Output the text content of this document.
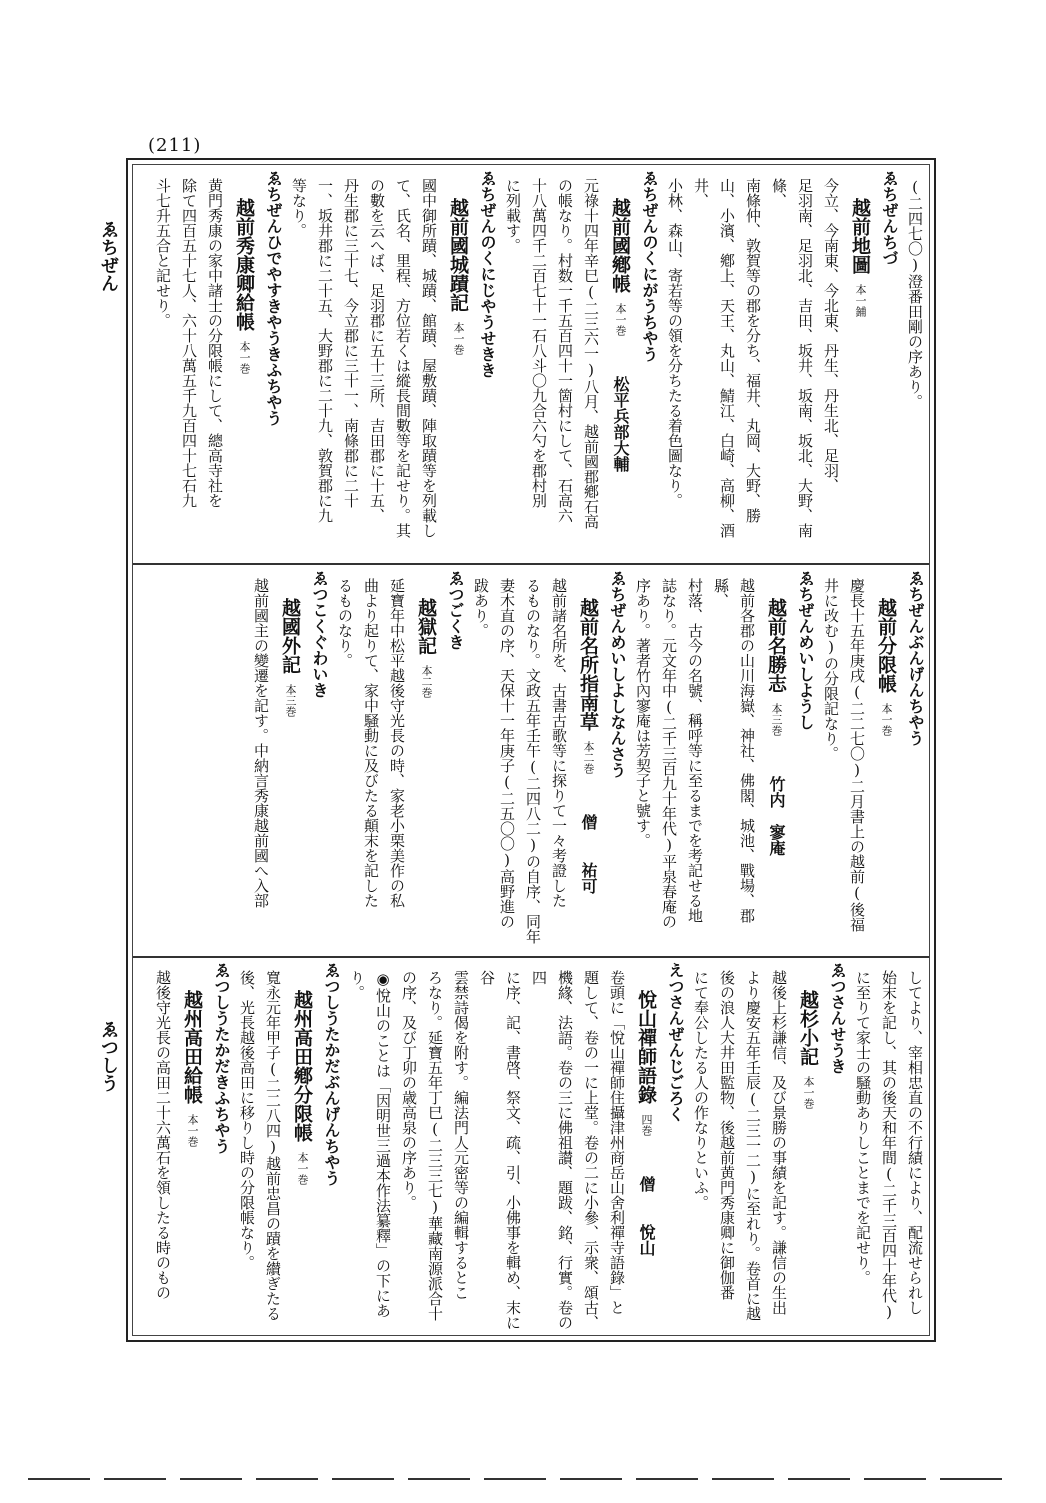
(211)
ゑちぜん
ゑつしう
(二四七〇)澄番田剛の序あり。
ゑちぜんちづ
越前地圖本一鋪
今立、今南東、今北東、丹生、丹生北、足羽、
足羽南、足羽北、吉田、坂井、坂南、坂北、大野、南條、
南條仲、敦賀等の郡を分ち、福井、丸岡、大野、勝
山、小濱、鄕上、天王、丸山、鯖江、白崎、高柳、酒井、
小林、森山、寄若等の領を分ちたる着色圖なり。
ゑちぜんのくにがうちやう
越前國鄕帳本一巻松平兵部大輔
元祿十四年辛巳(二三六一)八月、越前國郡鄕石高
の帳なり。村数一千五百四十一箇村にして、石高六
十八萬四千二百七十一石八斗〇九合六勺を郡村別
に列載す。
ゑちぜんのくにじやうせきき
越前國城蹟記本一巻
國中御所蹟、城蹟、館蹟、屋敷蹟、陣取蹟等を列載し
て、氏名、里程、方位若くは縱長間數等を記せり。其
の數を云へば、足羽郡に五十三所、吉田郡に十五、
丹生郡に三十七、今立郡に三十一、南條郡に二十
一、坂井郡に二十五、大野郡に二十九、敦賀郡に九
等なり。
ゑちぜんひでやすきやうきふちやう
越前秀康卿給帳本一巻
黄門秀康の家中諸士の分限帳にして、總高寺社を
除て四百五十七人、六十八萬五千九百四十七石九
斗七升五合と記せり。
ゑちぜんぶんげんちやう
越前分限帳本一巻
慶長十五年庚戌(二二七〇)二月書上の越前(後福
井に改む)の分限記なり。
ゑちぜんめいしようし
越前名勝志本三巻竹内　寥庵
越前各郡の山川海嶽、神社、佛閣、城池、戰場、郡縣、
村落、古今の名號、稱呼等に至るまでを考記せる地
誌なり。元文年中(二千三百九十年代)平泉春庵の
序あり。著者竹內寥庵は芳契子と號す。
ゑちぜんめいしよしなんさう
越前名所指南草本二巻僧　　祐可
越前諸名所を、古書古歌等に探りて一々考證した
るものなり。文政五年壬午(二四八二)の自序、同年
妻木直の序、天保十一年庚子(二五〇〇)高野進の
跋あり。
ゑつごくき
越獄記本二巻
延寶年中松平越後守光長の時、家老小栗美作の私
曲より起りて、家中騒動に及びたる顛末を記した
るものなり。
ゑつこくぐわいき
越國外記本三巻
越前國主の變遷を記す。中納言秀康越前國へ入部
してより、宰相忠直の不行績により、配流せられし
始末を記し、其の後天和年間(二千三百四十年代)
に至りて家士の騒動ありしことまでを記せり。
ゑつさんせうき
越杉小記本一巻
越後上杉謙信、及び景勝の事績を記す。謙信の生出
より慶安五年壬辰(二三一二)に至れり。卷首に越
後の浪人大井田監物、後越前黄門秀康卿に御伽番
にて奉公したる人の作なりといふ。
えつさんぜんじごろく
悅山禪師語錄四巻僧　　悅山
卷頭に「悅山禪師住攝津州商岳山舍利禪寺語錄」と
題して、卷の一に上堂。卷の二に小參、示衆、頌古、
機緣、法語。卷の三に佛祖讃、題跋、銘、行實。卷の四
に序、記、書啓、祭文、疏、引、小佛事を輯め、末に谷
雲禁詩偈を附す。編法門人元密等の編輯するとこ
ろなり。延寶五年丁巳(二三三七)華藏南源派合十
の序、及び丁卯の歳高泉の序あり。
◉悅山のことは「因明世三過本作法纂釋」の下にあり。
ゑつしうたかだぶんげんちやう
越州高田鄕分限帳本一巻
寬永元年甲子(二二八四)越前忠昌の蹟を纉ぎたる
後、光長越後高田に移りし時の分限帳なり。
ゑつしうたかだきふちやう
越州高田給帳本一巻
越後守光長の高田二十六萬石を領したる時のもの
